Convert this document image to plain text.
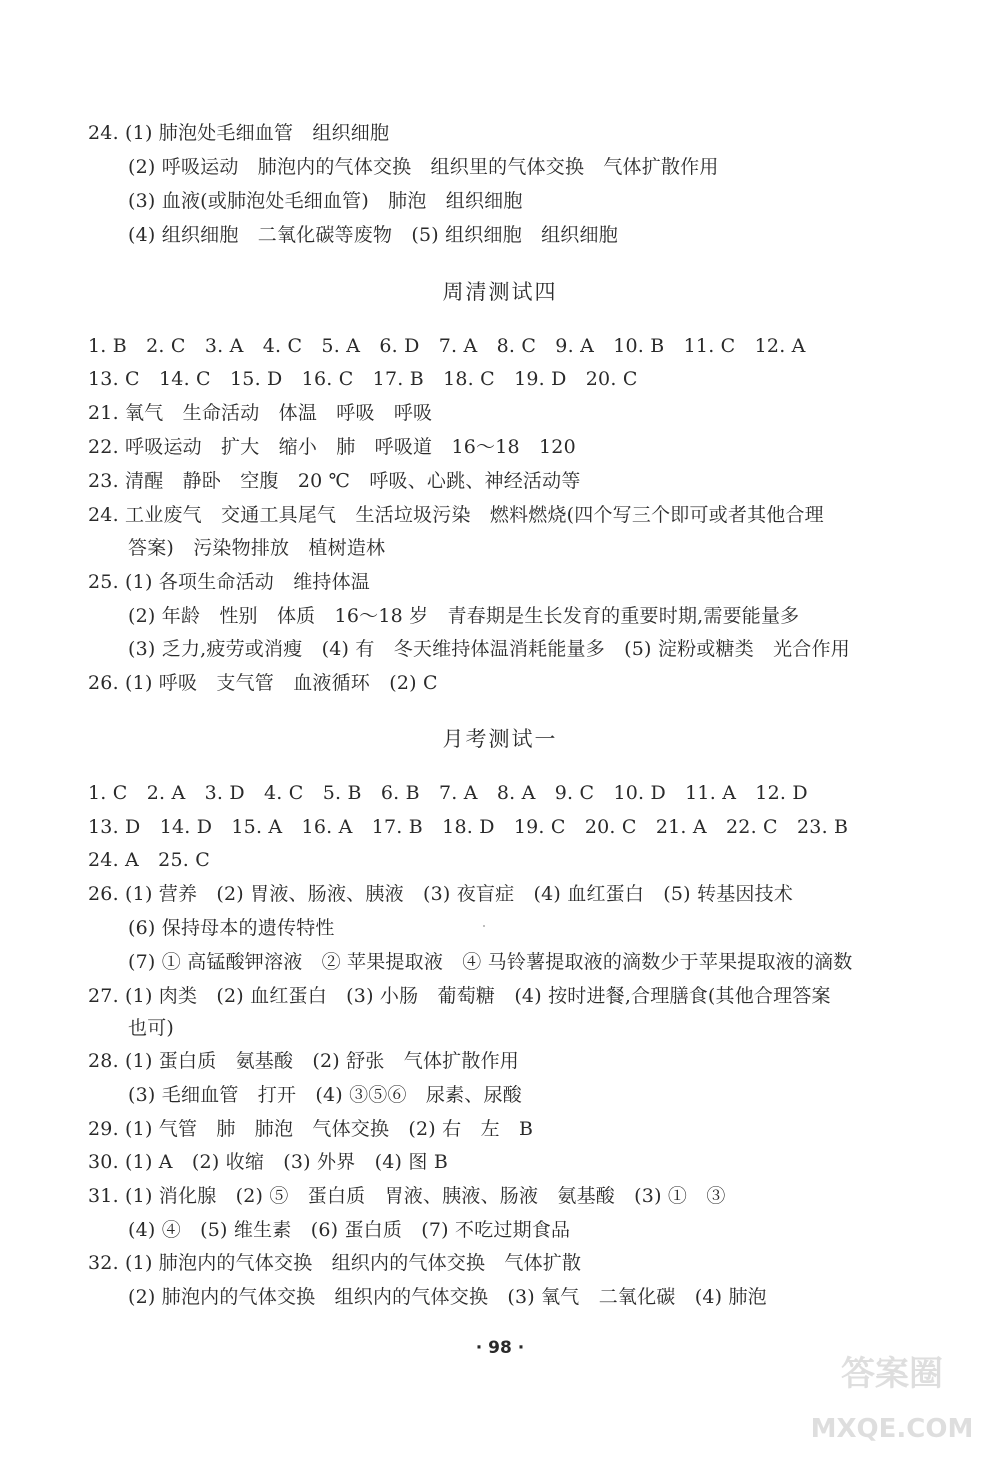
24. (1) 肺泡处毛细血管　组织细胞
(2) 呼吸运动　肺泡内的气体交换　组织里的气体交换　气体扩散作用
(3) 血液(或肺泡处毛细血管)　肺泡　组织细胞
(4) 组织细胞　二氧化碳等废物　(5) 组织细胞　组织细胞
周清测试四
1. B　2. C　3. A　4. C　5. A　6. D　7. A　8. C　9. A　10. B　11. C　12. A
13. C　14. C　15. D　16. C　17. B　18. C　19. D　20. C
21. 氧气　生命活动　体温　呼吸　呼吸
22. 呼吸运动　扩大　缩小　肺　呼吸道　16～18　120
23. 清醒　静卧　空腹　20 ℃　呼吸、心跳、神经活动等
24. 工业废气　交通工具尾气　生活垃圾污染　燃料燃烧(四个写三个即可或者其他合理
答案)　污染物排放　植树造林
25. (1) 各项生命活动　维持体温
(2) 年龄　性别　体质　16～18 岁　青春期是生长发育的重要时期,需要能量多
(3) 乏力,疲劳或消瘦　(4) 有　冬天维持体温消耗能量多　(5) 淀粉或糖类　光合作用
26. (1) 呼吸　支气管　血液循环　(2) C
月考测试一
1. C　2. A　3. D　4. C　5. B　6. B　7. A　8. A　9. C　10. D　11. A　12. D
13. D　14. D　15. A　16. A　17. B　18. D　19. C　20. C　21. A　22. C　23. B
24. A　25. C
26. (1) 营养　(2) 胃液、肠液、胰液　(3) 夜盲症　(4) 血红蛋白　(5) 转基因技术
(6) 保持母本的遗传特性
(7) ① 高锰酸钾溶液　② 苹果提取液　④ 马铃薯提取液的滴数少于苹果提取液的滴数
27. (1) 肉类　(2) 血红蛋白　(3) 小肠　葡萄糖　(4) 按时进餐,合理膳食(其他合理答案
也可)
28. (1) 蛋白质　氨基酸　(2) 舒张　气体扩散作用
(3) 毛细血管　打开　(4) ③⑤⑥　尿素、尿酸
29. (1) 气管　肺　肺泡　气体交换　(2) 右　左　B
30. (1) A　(2) 收缩　(3) 外界　(4) 图 B
31. (1) 消化腺　(2) ⑤　蛋白质　胃液、胰液、肠液　氨基酸　(3) ①　③
(4) ④　(5) 维生素　(6) 蛋白质　(7) 不吃过期食品
32. (1) 肺泡内的气体交换　组织内的气体交换　气体扩散
(2) 肺泡内的气体交换　组织内的气体交换　(3) 氧气　二氧化碳　(4) 肺泡
· 98 ·
答案圈
MXQE.COM
